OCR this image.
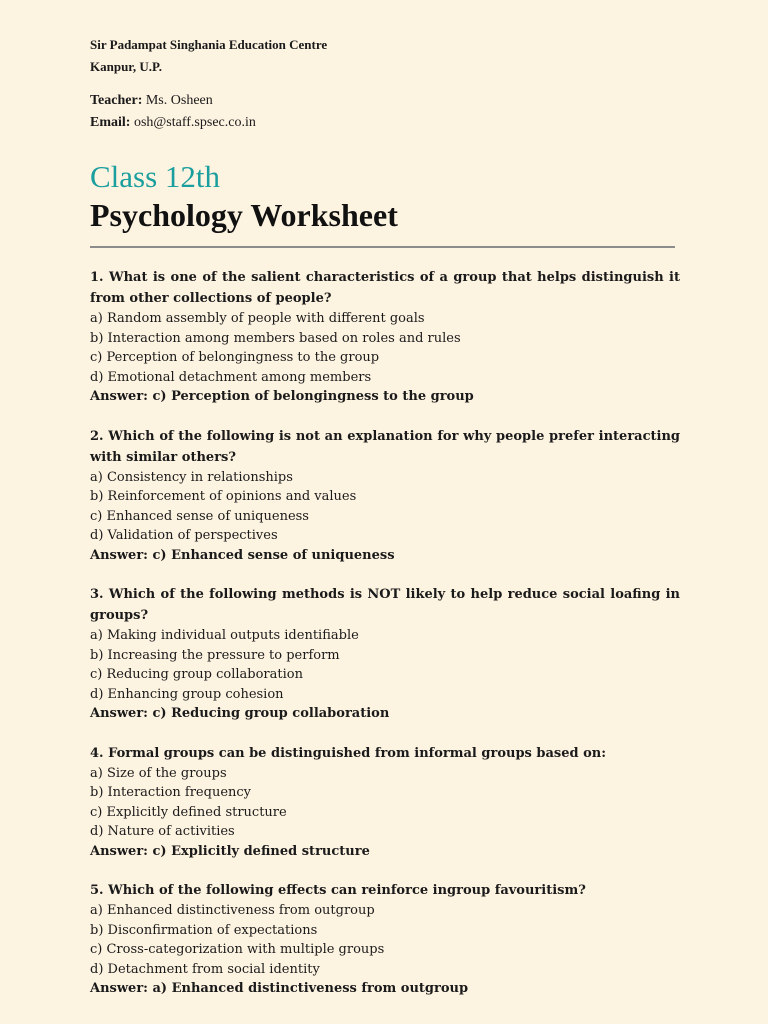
Sir Padampat Singhania Education Centre
Kanpur, U.P.
Teacher: Ms. Osheen
Email: osh@staff.spsec.co.in
Class 12th
Psychology Worksheet
1. What is one of the salient characteristics of a group that helps distinguish it from other collections of people?
a) Random assembly of people with different goals
b) Interaction among members based on roles and rules
c) Perception of belongingness to the group
d) Emotional detachment among members
Answer: c) Perception of belongingness to the group
2. Which of the following is not an explanation for why people prefer interacting with similar others?
a) Consistency in relationships
b) Reinforcement of opinions and values
c) Enhanced sense of uniqueness
d) Validation of perspectives
Answer: c) Enhanced sense of uniqueness
3. Which of the following methods is NOT likely to help reduce social loafing in groups?
a) Making individual outputs identifiable
b) Increasing the pressure to perform
c) Reducing group collaboration
d) Enhancing group cohesion
Answer: c) Reducing group collaboration
4. Formal groups can be distinguished from informal groups based on:
a) Size of the groups
b) Interaction frequency
c) Explicitly defined structure
d) Nature of activities
Answer: c) Explicitly defined structure
5. Which of the following effects can reinforce ingroup favouritism?
a) Enhanced distinctiveness from outgroup
b) Disconfirmation of expectations
c) Cross-categorization with multiple groups
d) Detachment from social identity
Answer: a) Enhanced distinctiveness from outgroup
